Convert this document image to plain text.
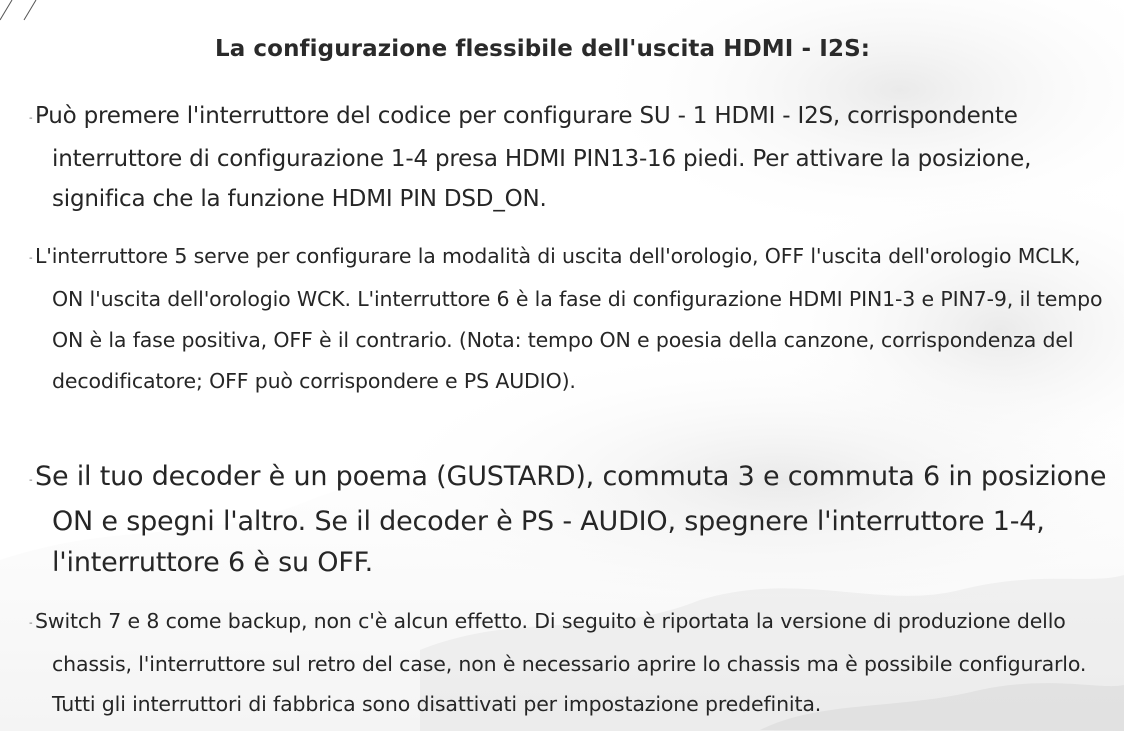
La configurazione flessibile dell'uscita HDMI - I2S:

- Può premere l'interruttore del codice per configurare SU - 1 HDMI - I2S, corrispondente interruttore di configurazione 1-4 presa HDMI PIN13-16 piedi. Per attivare la posizione, significa che la funzione HDMI PIN DSD_ON.

- L'interruttore 5 serve per configurare la modalità di uscita dell'orologio, OFF l'uscita dell'orologio MCLK, ON l'uscita dell'orologio WCK. L'interruttore 6 è la fase di configurazione HDMI PIN1-3 e PIN7-9, il tempo ON è la fase positiva, OFF è il contrario. (Nota: tempo ON e poesia della canzone, corrispondenza del decodificatore; OFF può corrispondere e PS AUDIO).

-Se il tuo decoder è un poema (GUSTARD), commuta 3 e commuta 6 in posizione ON e spegni l'altro. Se il decoder è PS - AUDIO, spegnere l'interruttore 1-4, l'interruttore 6 è su OFF.

- Switch 7 e 8 come backup, non c'è alcun effetto. Di seguito è riportata la versione di produzione dello chassis, l'interruttore sul retro del case, non è necessario aprire lo chassis ma è possibile configurarlo. Tutti gli interruttori di fabbrica sono disattivati per impostazione predefinita.
